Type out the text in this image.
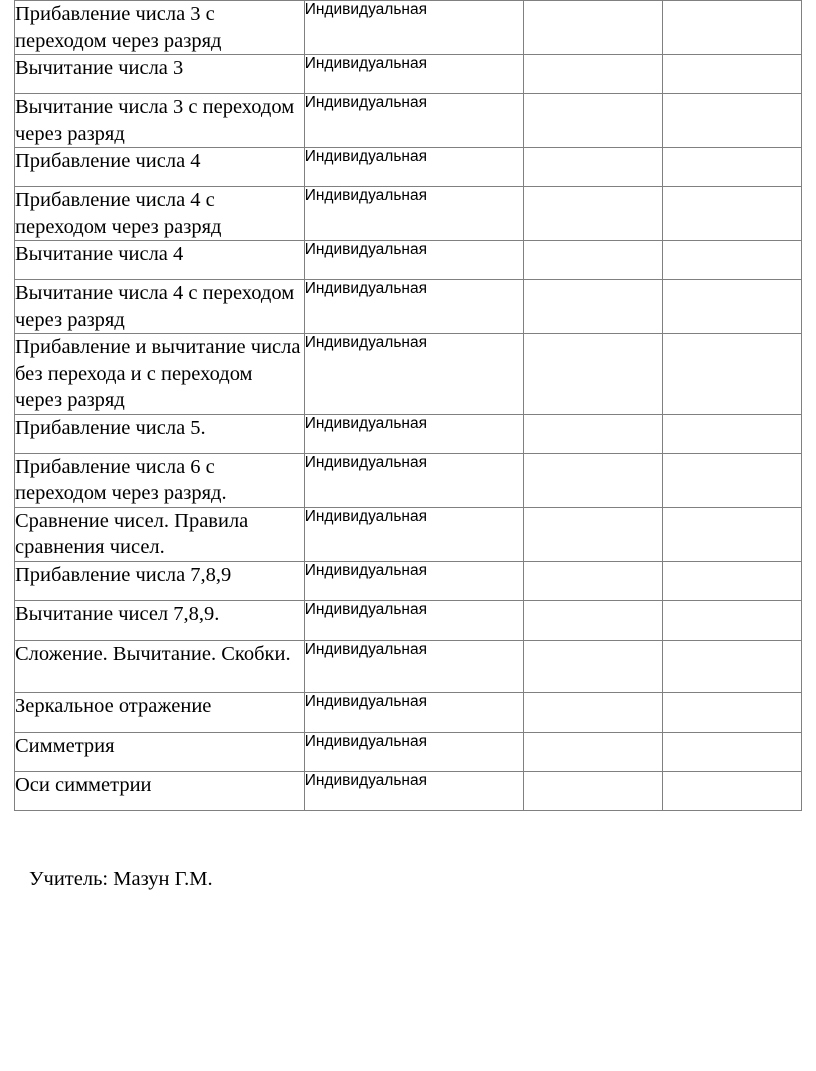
Прибавление числа 3 с переходом через разряд	Индивидуальная		
Вычитание числа 3	Индивидуальная		
Вычитание числа 3 с переходом через разряд	Индивидуальная		
Прибавление числа 4	Индивидуальная		
Прибавление числа 4 с переходом через разряд	Индивидуальная		
Вычитание числа 4	Индивидуальная		
Вычитание числа 4 с переходом через разряд	Индивидуальная		
Прибавление и вычитание числа без перехода и с переходом через разряд	Индивидуальная		
Прибавление числа 5.	Индивидуальная		
Прибавление числа 6 с переходом через разряд.	Индивидуальная		
Сравнение чисел. Правила сравнения чисел.	Индивидуальная		
Прибавление числа 7,8,9	Индивидуальная		
Вычитание чисел 7,8,9.	Индивидуальная		
Сложение. Вычитание. Скобки.	Индивидуальная		
Зеркальное отражение	Индивидуальная		
Симметрия	Индивидуальная		
Оси симметрии	Индивидуальная		
Учитель: Мазун Г.М.
